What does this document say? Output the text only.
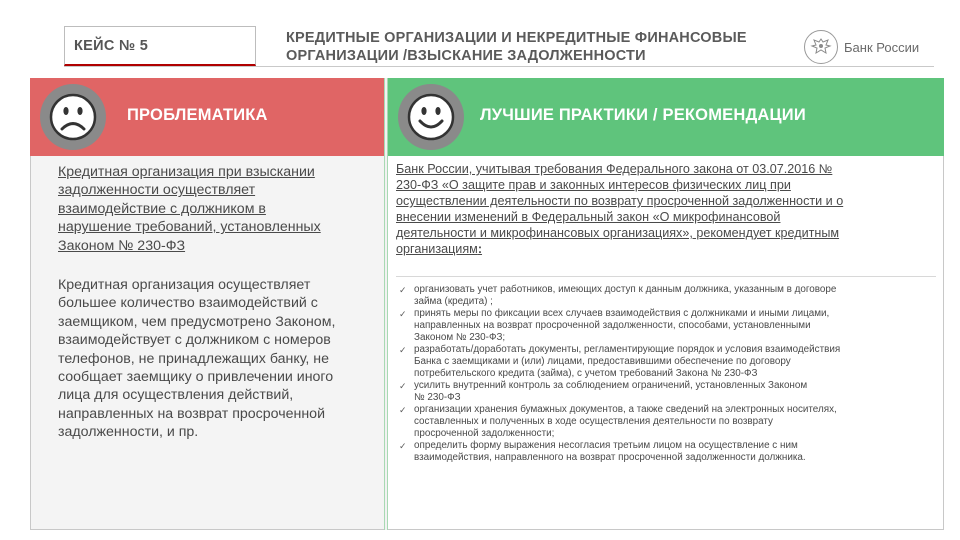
КЕЙС № 5	КРЕДИТНЫЕ ОРГАНИЗАЦИИ И НЕКРЕДИТНЫЕ ФИНАНСОВЫЕ
ОРГАНИЗАЦИИ /ВЗЫСКАНИЕ ЗАДОЛЖЕННОСТИ
Банк России
ПРОБЛЕМАТИКА	ЛУЧШИЕ ПРАКТИКИ / РЕКОМЕНДАЦИИ
Кредитная организация при взыскании
задолженности осуществляет
взаимодействие с должником в
нарушение требований, установленных
Законом № 230-ФЗ
Кредитная организация осуществляет
большее количество взаимодействий с
заемщиком, чем предусмотрено Законом,
взаимодействует с должником с номеров
телефонов, не принадлежащих банку, не
сообщает заемщику о привлечении иного
лица для осуществления действий,
направленных на возврат просроченной
задолженности, и пр.
Банк России, учитывая требования Федерального закона от 03.07.2016 №
230-ФЗ «О защите прав и законных интересов физических лиц при
осуществлении деятельности по возврату просроченной задолженности и о
внесении изменений в Федеральный закон «О микрофинансовой
деятельности и микрофинансовых организациях», рекомендует кредитным
организациям:
✓ организовать учет работников, имеющих доступ к данным должника, указанным в договоре
займа (кредита) ;
✓ принять меры по фиксации всех случаев взаимодействия с должниками и иными лицами,
направленных на возврат просроченной задолженности, способами, установленными
Законом № 230-ФЗ;
✓ разработать/доработать документы, регламентирующие порядок и условия взаимодействия
Банка с заемщиками и (или) лицами, предоставившими обеспечение по договору
потребительского кредита (займа), с учетом требований Закона № 230-ФЗ
✓ усилить внутренний контроль за соблюдением ограничений, установленных Законом
№ 230-ФЗ
✓ организации хранения бумажных документов, а также сведений на электронных носителях,
составленных и полученных в ходе осуществления деятельности по возврату
просроченной задолженности;
✓ определить форму выражения несогласия третьим лицом на осуществление с ним
взаимодействия, направленного на возврат просроченной задолженности должника.
